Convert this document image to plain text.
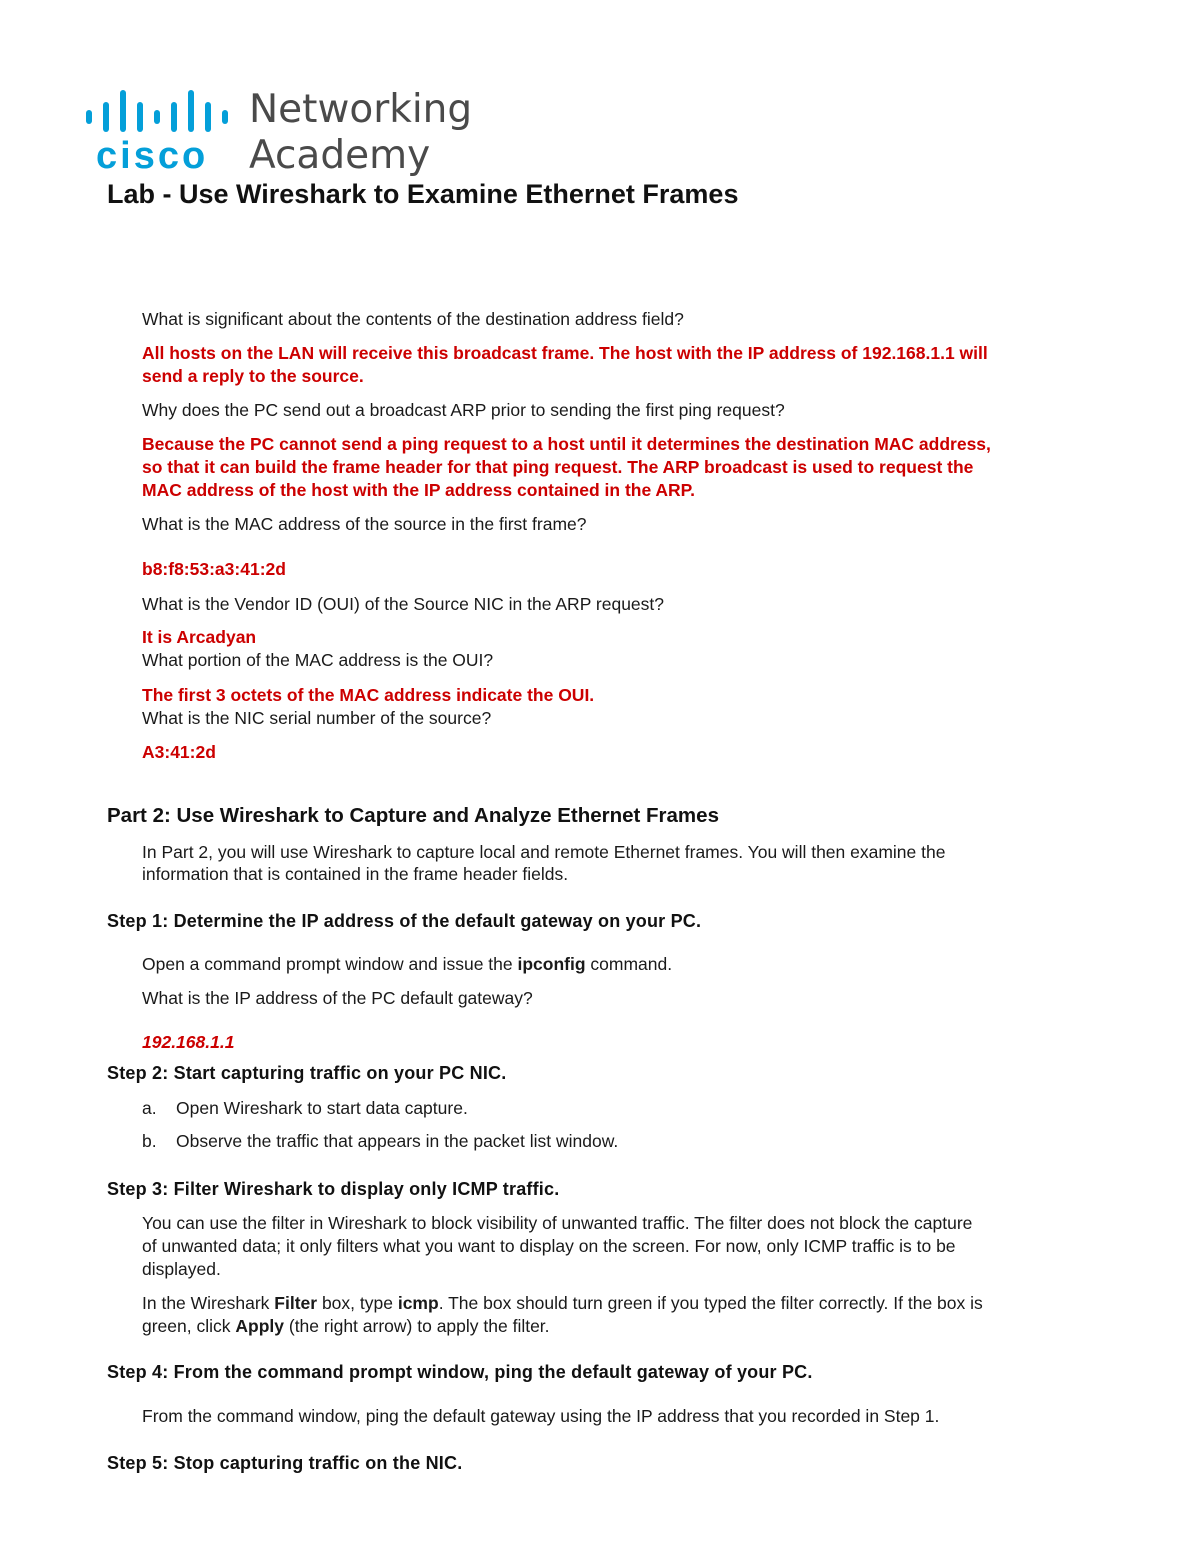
cisco
Networking
Academy
Lab - Use Wireshark to Examine Ethernet Frames
What is significant about the contents of the destination address field?
All hosts on the LAN will receive this broadcast frame. The host with the IP address of 192.168.1.1 will
send a reply to the source.
Why does the PC send out a broadcast ARP prior to sending the first ping request?
Because the PC cannot send a ping request to a host until it determines the destination MAC address,
so that it can build the frame header for that ping request. The ARP broadcast is used to request the
MAC address of the host with the IP address contained in the ARP.
What is the MAC address of the source in the first frame?
b8:f8:53:a3:41:2d
What is the Vendor ID (OUI) of the Source NIC in the ARP request?
It is Arcadyan
What portion of the MAC address is the OUI?
The first 3 octets of the MAC address indicate the OUI.
What is the NIC serial number of the source?
A3:41:2d
Part 2: Use Wireshark to Capture and Analyze Ethernet Frames
In Part 2, you will use Wireshark to capture local and remote Ethernet frames. You will then examine the
information that is contained in the frame header fields.
Step 1: Determine the IP address of the default gateway on your PC.
Open a command prompt window and issue the ipconfig command.
What is the IP address of the PC default gateway?
192.168.1.1
Step 2: Start capturing traffic on your PC NIC.
a. Open Wireshark to start data capture.
b. Observe the traffic that appears in the packet list window.
Step 3: Filter Wireshark to display only ICMP traffic.
You can use the filter in Wireshark to block visibility of unwanted traffic. The filter does not block the capture
of unwanted data; it only filters what you want to display on the screen. For now, only ICMP traffic is to be
displayed.
In the Wireshark Filter box, type icmp. The box should turn green if you typed the filter correctly. If the box is
green, click Apply (the right arrow) to apply the filter.
Step 4: From the command prompt window, ping the default gateway of your PC.
From the command window, ping the default gateway using the IP address that you recorded in Step 1.
Step 5: Stop capturing traffic on the NIC.
